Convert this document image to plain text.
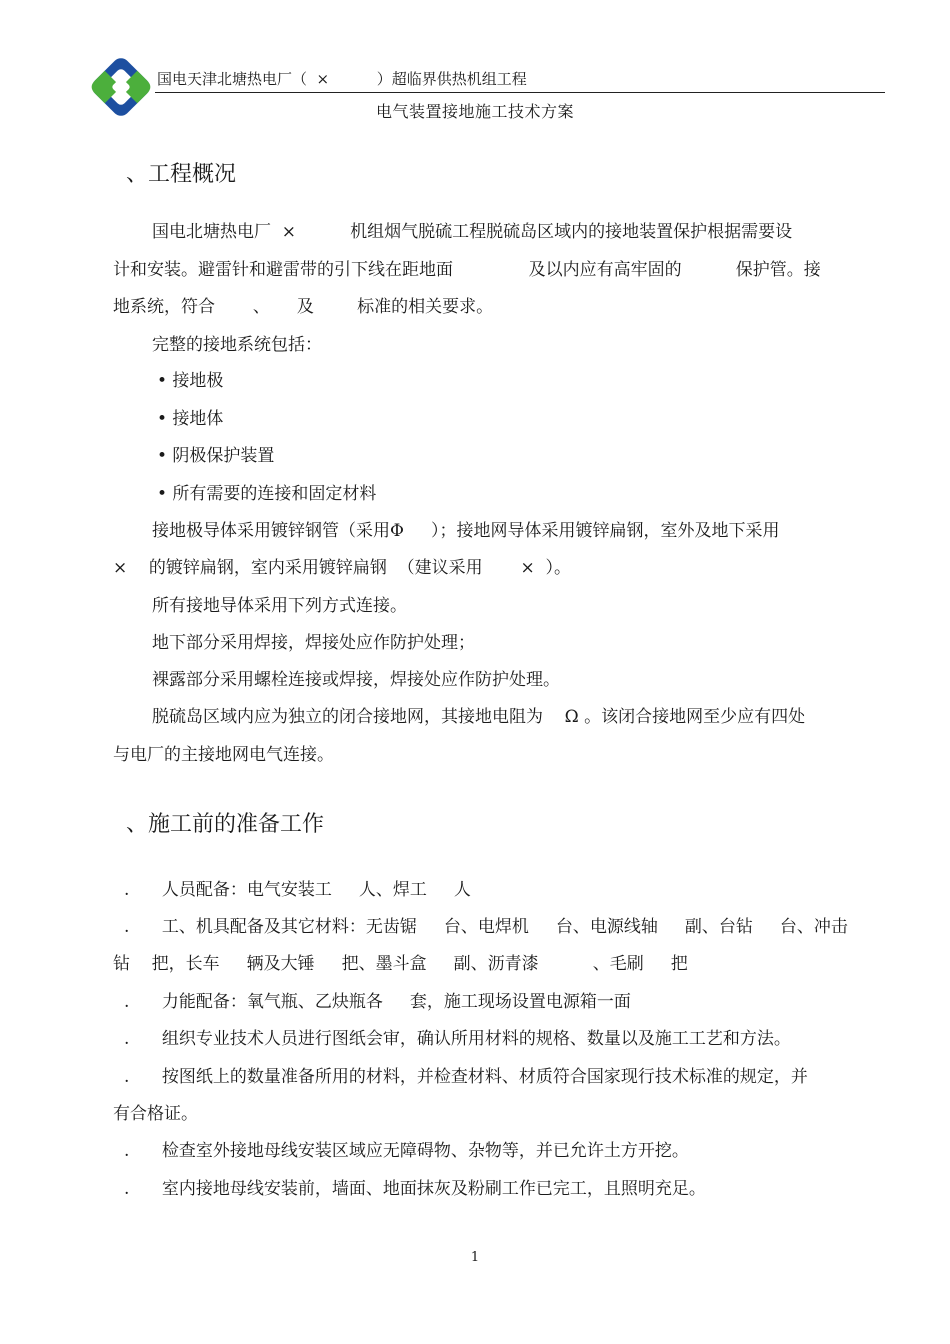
国电天津北塘热电厂（  ×          ）超临界供热机组工程
电气装置接地施工技术方案
、工程概况
国电北塘热电厂  ×          机组烟气脱硫工程脱硫岛区域内的接地装置保护根据需要设
计和安装。避雷针和避雷带的引下线在距地面              及以内应有高牢固的          保护管。接
地系统，符合       、     及        标准的相关要求。
完整的接地系统包括：
• 接地极
• 接地体
• 阴极保护装置
• 所有需要的连接和固定材料
接地极导体采用镀锌钢管（采用Φ     ）；接地网导体采用镀锌扁钢，室外及地下采用
×    的镀锌扁钢，室内采用镀锌扁钢  （建议采用       ×  ）。
所有接地导体采用下列方式连接。
地下部分采用焊接，焊接处应作防护处理；
裸露部分采用螺栓连接或焊接，焊接处应作防护处理。
脱硫岛区域内应为独立的闭合接地网，其接地电阻为    Ω 。该闭合接地网至少应有四处
与电厂的主接地网电气连接。
、施工前的准备工作
.      人员配备：电气安装工     人、焊工     人
.      工、机具配备及其它材料：无齿锯     台、电焊机     台、电源线轴     副、台钻     台、冲击
钻    把，长车     辆及大锤     把、墨斗盒     副、沥青漆          、毛刷     把
.      力能配备：氧气瓶、乙炔瓶各     套，施工现场设置电源箱一面
.      组织专业技术人员进行图纸会审，确认所用材料的规格、数量以及施工工艺和方法。
.      按图纸上的数量准备所用的材料，并检查材料、材质符合国家现行技术标准的规定，并
有合格证。
.      检查室外接地母线安装区域应无障碍物、杂物等，并已允许土方开挖。
.      室内接地母线安装前，墙面、地面抹灰及粉刷工作已完工，且照明充足。
1
